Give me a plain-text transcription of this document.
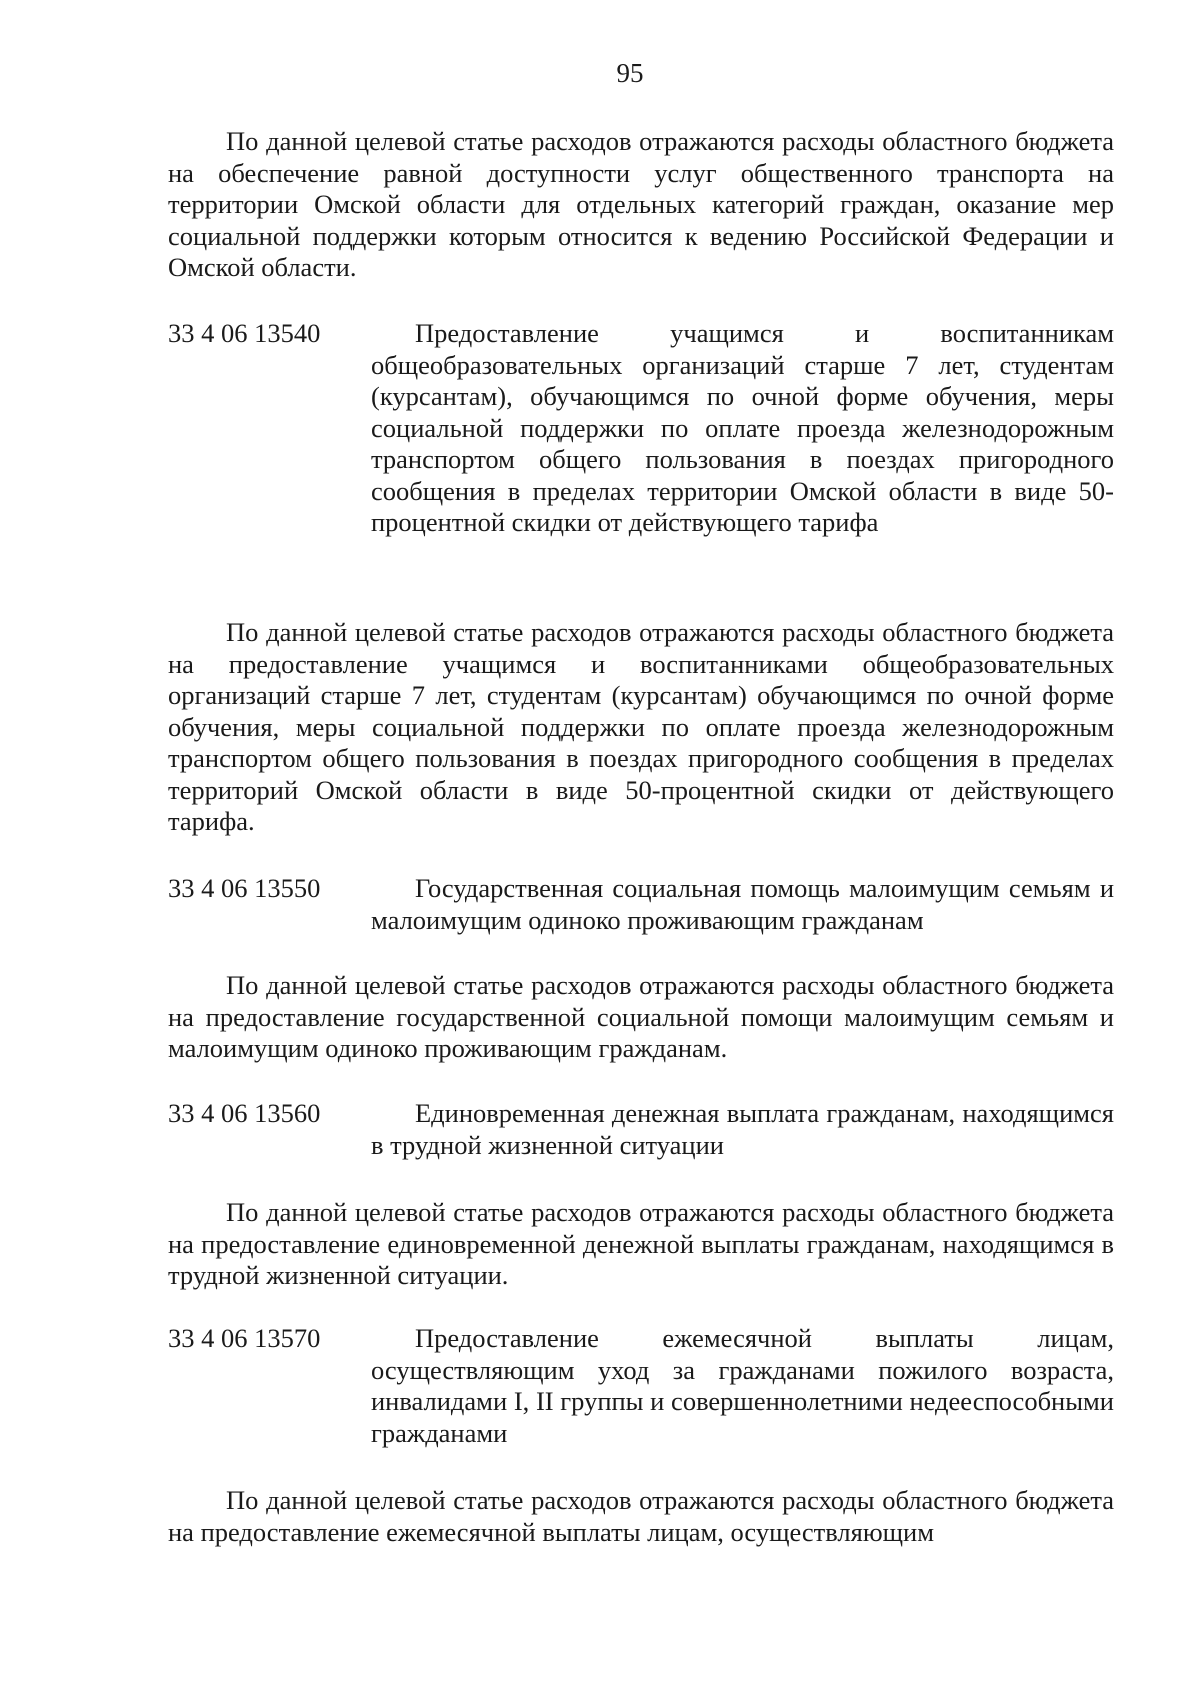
95

По данной целевой статье расходов отражаются расходы областного бюджета на обеспечение равной доступности услуг общественного транспорта на территории Омской области для отдельных категорий граждан, оказание мер социальной поддержки которым относится к ведению Российской Федерации и Омской области.

33 4 06 13540	Предоставление учащимся и воспитанникам общеобразовательных организаций старше 7 лет, студентам (курсантам), обучающимся по очной форме обучения, меры социальной поддержки по оплате проезда железнодорожным транспортом общего пользования в поездах пригородного сообщения в пределах территории Омской области в виде 50-процентной скидки от действующего тарифа

По данной целевой статье расходов отражаются расходы областного бюджета на предоставление учащимся и воспитанниками общеобразовательных организаций старше 7 лет, студентам (курсантам) обучающимся по очной форме обучения, меры социальной поддержки по оплате проезда железнодорожным транспортом общего пользования в поездах пригородного сообщения в пределах территорий Омской области в виде 50-процентной скидки от действующего тарифа.

33 4 06 13550	Государственная социальная помощь малоимущим семьям и малоимущим одиноко проживающим гражданам

По данной целевой статье расходов отражаются расходы областного бюджета на предоставление государственной социальной помощи малоимущим семьям и малоимущим одиноко проживающим гражданам.

33 4 06 13560	Единовременная денежная выплата гражданам, находящимся в трудной жизненной ситуации

По данной целевой статье расходов отражаются расходы областного бюджета на предоставление единовременной денежной выплаты гражданам, находящимся в трудной жизненной ситуации.

33 4 06 13570	Предоставление ежемесячной выплаты лицам, осуществляющим уход за гражданами пожилого возраста, инвалидами I, II группы и совершеннолетними недееспособными гражданами

По данной целевой статье расходов отражаются расходы областного бюджета на предоставление ежемесячной выплаты лицам, осуществляющим
